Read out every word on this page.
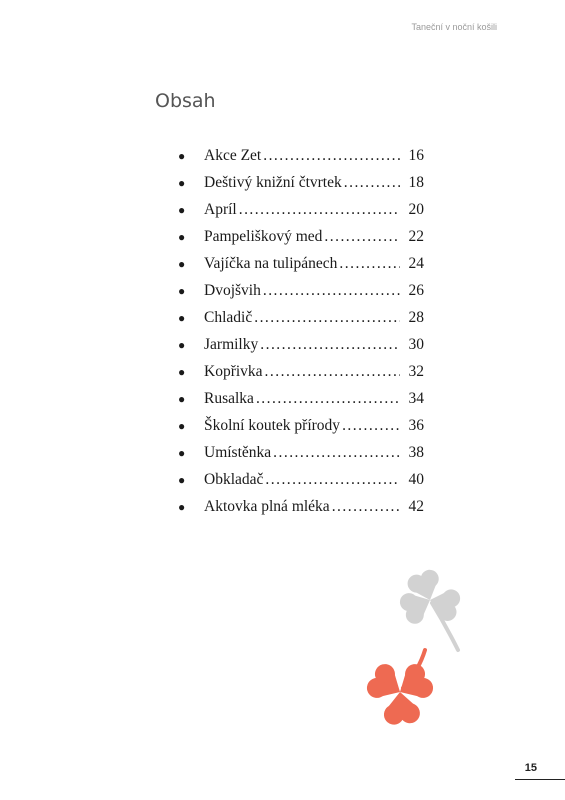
Taneční v noční košili
Obsah
●	Akce Zet . . .	16
●	Deštivý knižní čtvrtek . . .	18
●	Apríl . . .	20
●	Pampeliškový med . . .	22
●	Vajíčka na tulipánech . . .	24
●	Dvojšvih . . .	26
●	Chladič . . .	28
●	Jarmilky . . .	30
●	Kopřivka . . .	32
●	Rusalka . . .	34
●	Školní koutek přírody . . .	36
●	Umístěnka . . .	38
●	Obkladač . . .	40
●	Aktovka plná mléka . . .	42
15
